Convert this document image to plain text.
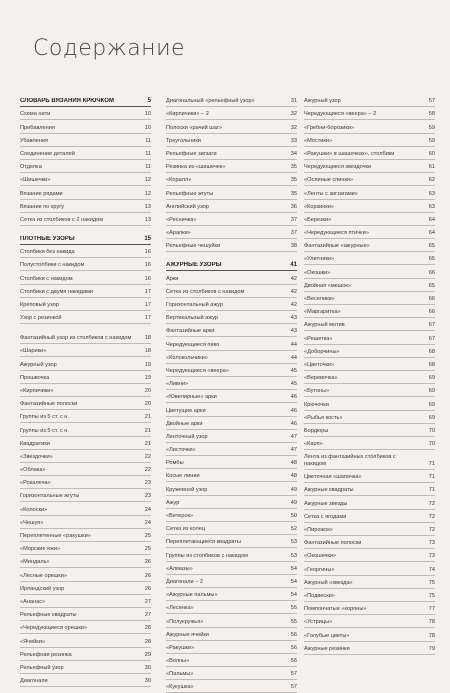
Содержание
СЛОВАРЬ ВЯЗАНИЯ КРЮЧКОМ	5
Схема нити	10
Прибавления	10
Убавления	11
Соединение деталей	11
Отделка	11
«Шишечки»	12
Вязание рядами	12
Вязание по кругу	13
Сетка из столбиков с 2 накидом	13
ПЛОТНЫЕ УЗОРЫ	15
Столбики без накида	16
Полустолбики с накидом	16
Столбики с накидом	16
Столбики с двумя накидами	17
Креповый узор	17
Узор с резинкой	17
Фантазийный узор из столбиков с накидом	18
«Шарики»	18
Ажурный узор	19
Прошвочка	19
«Кирпичики»	20
Фантазийные полоски	20
Группы из 5 ст. с н.	21
Группы из 5 ст. с н.	21
Квадратики	21
«Звездочки»	22
«Облака»	22
«Рокалеча»	23
Горизонтальные жгуты	23
«Колоски»	24
«Чешуя»	24
Переплетенные «ракушки»	25
«Морские ежи»	25
«Миндаль»	26
«Лесные орешки»	26
Ирландский узор	26
«Ананас»	27
Рельефные квадраты	27
«Чередующиеся орешки»	28
«Ячейки»	28
Рельефная резинка	29
Рельефный узор	30
Диагонали	30
Диагональный «рельефный узор»	31
«Кирпичики» – 2	32
Полоски «рачий шаг»	32
Треугольники	33
Рельефные зигзаги	34
Резинка из «шишечек»	35
«Коралл»	35
Рельефные жгуты	35
Английский узор	36
«Ресничка»	37
«Арапки»	37
Рельефные чешуйки	38
АЖУРНЫЕ УЗОРЫ	41
Арки	42
Сетка из столбиков с накидом	42
Горизонтальный ажур	42
Вертикальный ажур	43
Фантазийные арки	43
Чередующиеся пико	44
«Колокольчики»	44
Чередующиеся «веера»	45
«Ливни»	45
«Ювелирные» арки	46
Цветущие арки	46
Двойные арки	46
Ленточный узор	47
«Листочки»	47
Ромбы	48
Косые линии	48
Кружевной узор	49
Ажур	49
«Ветерок»	50
Сетка из колец	52
Переплетающиеся квадраты	53
Группы из столбиков с накидом	53
«Алмазы»	54
Диагонали – 2	54
«Ажурные пальмы»	54
«Лесенка»	55
«Полукружья»	55
Ажурные ячейки	56
«Ракушки»	56
«Волны»	56
«Пальмы»	57
«Кукушка»	57
Ажурный узор	57
Чередующиеся «веера» – 2	58
«Гребни-борозики»	59
«Мостики»	59
«Ракушки» в шашечках», столбики	60
Чередующиеся звездочки	61
«Ослиные спинки»	62
«Ленты с зигзагами»	63
«Корзинки»	63
«Березки»	64
«Чередующиеся птички»	64
Фантазийные «ажурные»	65
«Улитники»	65
«Окошки»	66
Двойная «мешок»	65
«Веселики»	66
«Маргаритка»	66
Ажурный мотив	67
«Решетка»	67
«Доборчины»	68
«Цветочки»	68
«Веревочка»	69
«Бутоны»	69
Крючочки	69
«Рыбья кость»	69
Бордюры	70
«Карп»	70
Лента из фантазийных столбиков с накидом	71
Цветочная «шапочка»	71
Ажурные квадраты	71
Ажурные звезды	72
Сетка с ягодами	72
«Пирожок»	72
Фантазийные полоски	73
«Окошечки»	73
«Георгины»	74
Ажурный «звезда»	75
«Подвески»	75
Помпончатые «короны»	77
«Устрицы»	78
«Голубые цветы»	78
Ажурные резинки	79
